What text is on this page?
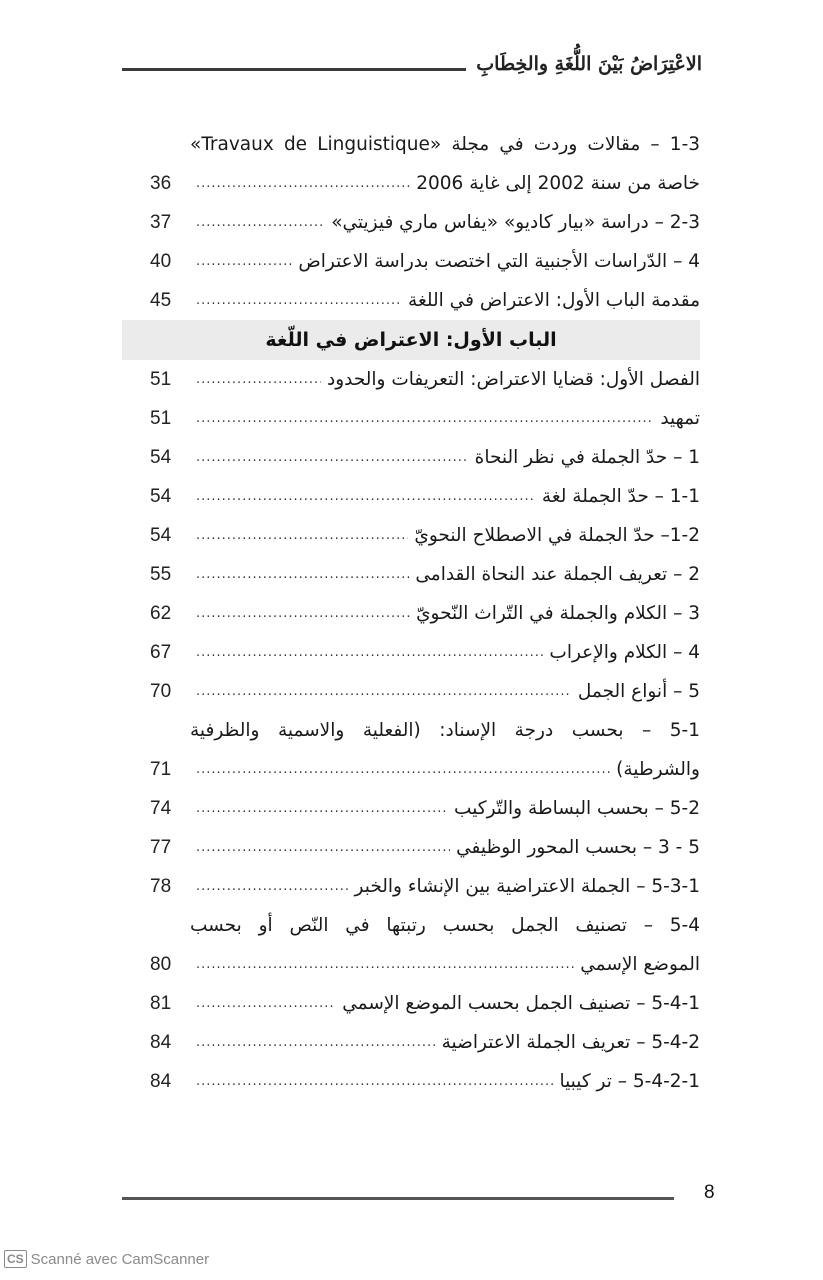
الاعْتِرَاضُ بَيْنَ اللُّغَةِ والخِطَابِ
1-3 – مقالات وردت في مجلة «Travaux de Linguistique»
خاصة من سنة 2002 إلى غاية 2006
.....
36
2-3 – دراسة «بيار كاديو» «يفاس ماري فيزيتي»
.....
37
4 – الدّراسات الأجنبية التي اختصت بدراسة الاعتراض
.....
40
مقدمة الباب الأول: الاعتراض في اللغة
.....
45
الباب الأول: الاعتراض في اللّغة
الفصل الأول: قضايا الاعتراض: التعريفات والحدود
.....
51
تمهيد
.....
51
1 – حدّ الجملة في نظر النحاة
.....
54
1-1 – حدّ الجملة لغة
.....
54
1-2– حدّ الجملة في الاصطلاح النحويّ
.....
54
2 – تعريف الجملة عند النحاة القدامى
.....
55
3 – الكلام والجملة في التّراث النّحويّ
.....
62
4 – الكلام والإعراب
.....
67
5 – أنواع الجمل
.....
70
5-1 – بحسب درجة الإسناد: (الفعلية والاسمية والظرفية
والشرطية)
.....
71
5-2 – بحسب البساطة والتّركيب
.....
74
5 - 3 – بحسب المحور الوظيفي
.....
77
5-3-1 – الجملة الاعتراضية بين الإنشاء والخبر
.....
78
5-4 – تصنيف الجمل بحسب رتبتها في النّص أو بحسب
الموضع الإسمي
.....
80
5-4-1 – تصنيف الجمل بحسب الموضع الإسمي
.....
81
5-4-2 – تعريف الجملة الاعتراضية
.....
84
5-4-2-1 – تر كيبيا
.....
84
8
CS Scanné avec CamScanner
